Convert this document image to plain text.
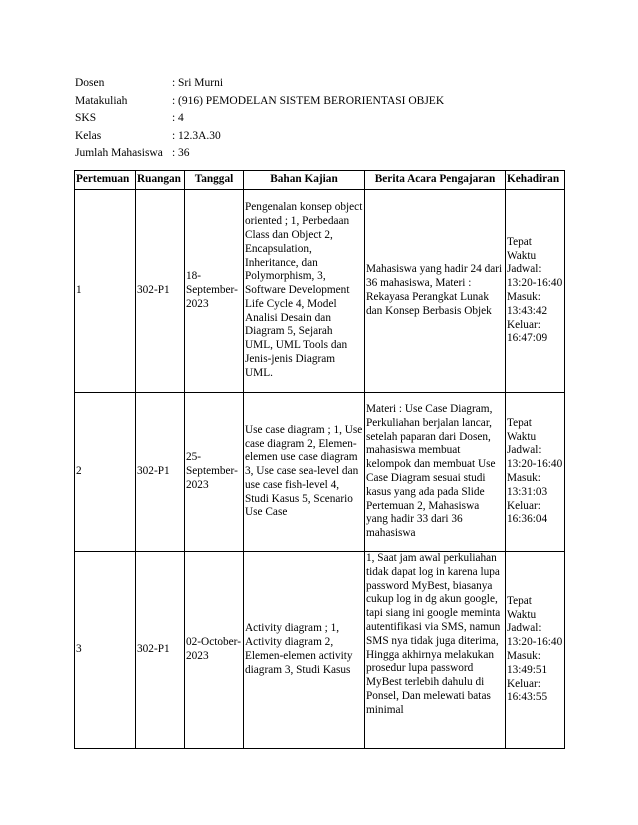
Dosen	: Sri Murni
Matakuliah	: (916) PEMODELAN SISTEM BERORIENTASI OBJEK
SKS	: 4
Kelas	: 12.3A.30
Jumlah Mahasiswa : 36
Pertemuan	Ruangan	Tanggal	Bahan Kajian	Berita Acara Pengajaran	Kehadiran
1	302-P1	18-September-2023	Pengenalan konsep object oriented ; 1, Perbedaan Class dan Object 2, Encapsulation, Inheritance, dan Polymorphism, 3, Software Development Life Cycle 4, Model Analisi Desain dan Diagram 5, Sejarah UML, UML Tools dan Jenis-jenis Diagram UML.	Mahasiswa yang hadir 24 dari 36 mahasiswa, Materi : Rekayasa Perangkat Lunak dan Konsep Berbasis Objek	Tepat Waktu Jadwal: 13:20-16:40 Masuk: 13:43:42 Keluar: 16:47:09
2	302-P1	25-September-2023	Use case diagram ; 1, Use case diagram 2, Elemen-elemen use case diagram 3, Use case sea-level dan use case fish-level 4, Studi Kasus 5, Scenario Use Case	Materi : Use Case Diagram, Perkuliahan berjalan lancar, setelah paparan dari Dosen, mahasiswa membuat kelompok dan membuat Use Case Diagram sesuai studi kasus yang ada pada Slide Pertemuan 2, Mahasiswa yang hadir 33 dari 36 mahasiswa	Tepat Waktu Jadwal: 13:20-16:40 Masuk: 13:31:03 Keluar: 16:36:04
3	302-P1	02-October-2023	Activity diagram ; 1, Activity diagram 2, Elemen-elemen activity diagram 3, Studi Kasus	1, Saat jam awal perkuliahan tidak dapat log in karena lupa password MyBest, biasanya cukup log in dg akun google, tapi siang ini google meminta autentifikasi via SMS, namun SMS nya tidak juga diterima, Hingga akhirnya melakukan prosedur lupa password MyBest terlebih dahulu di Ponsel, Dan melewati batas minimal	Tepat Waktu Jadwal: 13:20-16:40 Masuk: 13:49:51 Keluar: 16:43:55
